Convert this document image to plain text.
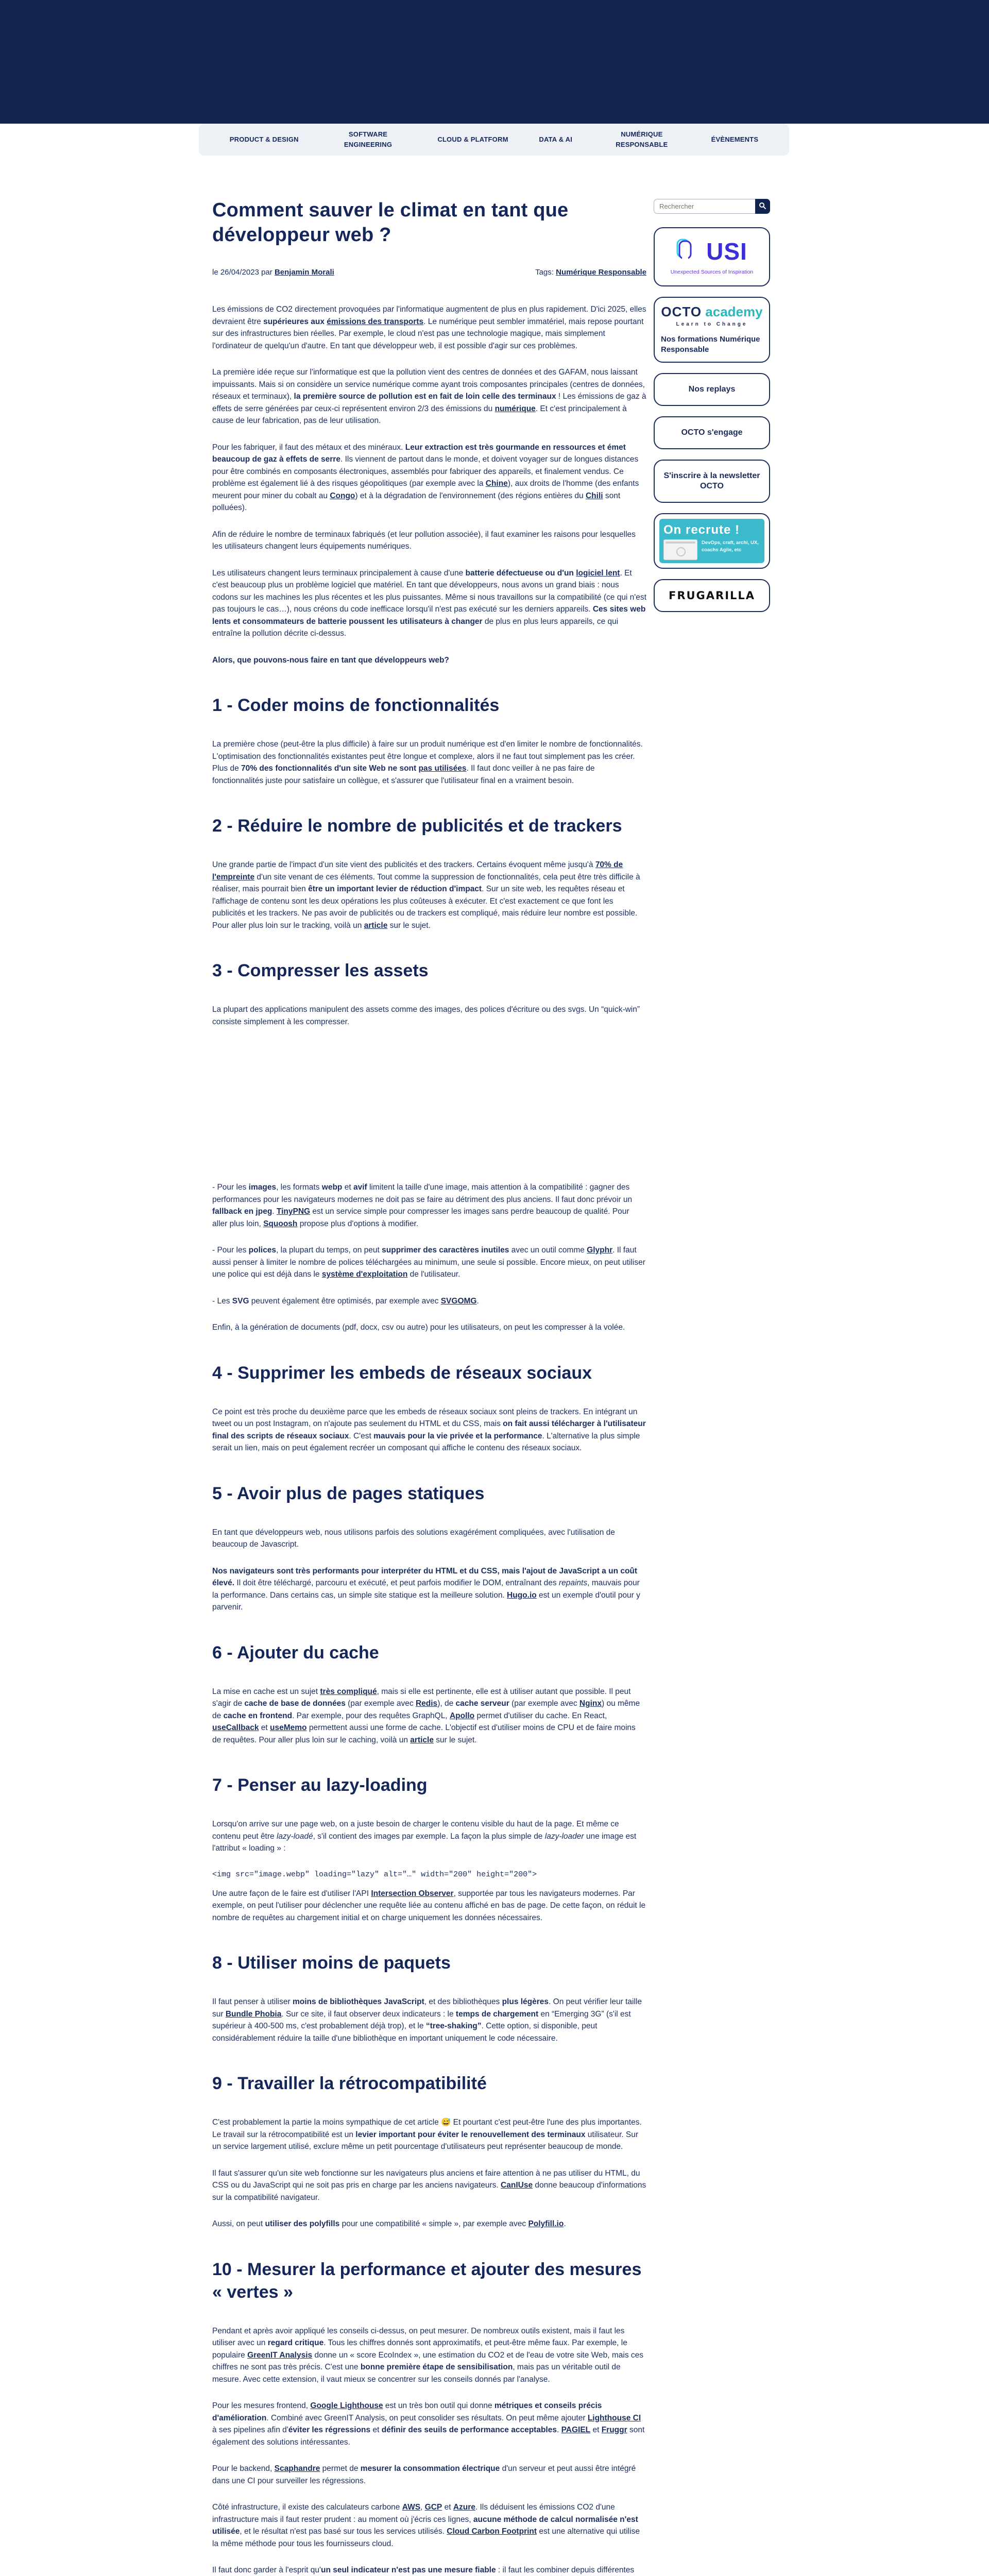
PRODUCT & DESIGN
SOFTWARE ENGINEERING
CLOUD & PLATFORM	DATA & AI
NUMÉRIQUE RESPONSABLE
ÉVÈNEMENTS
Comment sauver le climat en tant que développeur web ?
le 26/04/2023 par Benjamin Morali	Tags: Numérique Responsable

Les émissions de CO2 directement provoquées par l'informatique augmentent de plus en plus rapidement. D'ici 2025, elles devraient être supérieures aux émissions des transports. Le numérique peut sembler immatériel, mais repose pourtant sur des infrastructures bien réelles. Par exemple, le cloud n'est pas une technologie magique, mais simplement l'ordinateur de quelqu'un d'autre. En tant que développeur web, il est possible d'agir sur ces problèmes.

La première idée reçue sur l'informatique est que la pollution vient des centres de données et des GAFAM, nous laissant impuissants. Mais si on considère un service numérique comme ayant trois composantes principales (centres de données, réseaux et terminaux), la première source de pollution est en fait de loin celle des terminaux ! Les émissions de gaz à effets de serre générées par ceux-ci représentent environ 2/3 des émissions du numérique. Et c'est principalement à cause de leur fabrication, pas de leur utilisation.

Pour les fabriquer, il faut des métaux et des minéraux. Leur extraction est très gourmande en ressources et émet beaucoup de gaz à effets de serre. Ils viennent de partout dans le monde, et doivent voyager sur de longues distances pour être combinés en composants électroniques, assemblés pour fabriquer des appareils, et finalement vendus. Ce problème est également lié à des risques géopolitiques (par exemple avec la Chine), aux droits de l'homme (des enfants meurent pour miner du cobalt au Congo) et à la dégradation de l'environnement (des régions entières du Chili sont polluées).

Afin de réduire le nombre de terminaux fabriqués (et leur pollution associée), il faut examiner les raisons pour lesquelles les utilisateurs changent leurs équipements numériques.

Les utilisateurs changent leurs terminaux principalement à cause d'une batterie défectueuse ou d'un logiciel lent. Et c'est beaucoup plus un problème logiciel que matériel. En tant que développeurs, nous avons un grand biais : nous codons sur les machines les plus récentes et les plus puissantes. Même si nous travaillons sur la compatibilité (ce qui n'est pas toujours le cas…), nous créons du code inefficace lorsqu'il n'est pas exécuté sur les derniers appareils. Ces sites web lents et consommateurs de batterie poussent les utilisateurs à changer de plus en plus leurs appareils, ce qui entraîne la pollution décrite ci-dessus.

Alors, que pouvons-nous faire en tant que développeurs web?

1 - Coder moins de fonctionnalités

La première chose (peut-être la plus difficile) à faire sur un produit numérique est d'en limiter le nombre de fonctionnalités. L'optimisation des fonctionnalités existantes peut être longue et complexe, alors il ne faut tout simplement pas les créer. Plus de 70% des fonctionnalités d'un site Web ne sont pas utilisées. Il faut donc veiller à ne pas faire de fonctionnalités juste pour satisfaire un collègue, et s'assurer que l'utilisateur final en a vraiment besoin.

2 - Réduire le nombre de publicités et de trackers

Une grande partie de l'impact d'un site vient des publicités et des trackers. Certains évoquent même jusqu'à 70% de l'empreinte d'un site venant de ces éléments. Tout comme la suppression de fonctionnalités, cela peut être très difficile à réaliser, mais pourrait bien être un important levier de réduction d'impact. Sur un site web, les requêtes réseau et l'affichage de contenu sont les deux opérations les plus coûteuses à exécuter. Et c'est exactement ce que font les publicités et les trackers. Ne pas avoir de publicités ou de trackers est compliqué, mais réduire leur nombre est possible. Pour aller plus loin sur le tracking, voilà un article sur le sujet.

3 - Compresser les assets

La plupart des applications manipulent des assets comme des images, des polices d'écriture ou des svgs. Un “quick-win” consiste simplement à les compresser.

- Pour les images, les formats webp et avif limitent la taille d'une image, mais attention à la compatibilité : gagner des performances pour les navigateurs modernes ne doit pas se faire au détriment des plus anciens. Il faut donc prévoir un fallback en jpeg. TinyPNG est un service simple pour compresser les images sans perdre beaucoup de qualité. Pour aller plus loin, Squoosh propose plus d'options à modifier.

- Pour les polices, la plupart du temps, on peut supprimer des caractères inutiles avec un outil comme Glyphr. Il faut aussi penser à limiter le nombre de polices téléchargées au minimum, une seule si possible. Encore mieux, on peut utiliser une police qui est déjà dans le système d'exploitation de l'utilisateur.

- Les SVG peuvent également être optimisés, par exemple avec SVGOMG.

Enfin, à la génération de documents (pdf, docx, csv ou autre) pour les utilisateurs, on peut les compresser à la volée.

4 - Supprimer les embeds de réseaux sociaux

Ce point est très proche du deuxième parce que les embeds de réseaux sociaux sont pleins de trackers. En intégrant un tweet ou un post Instagram, on n'ajoute pas seulement du HTML et du CSS, mais on fait aussi télécharger à l'utilisateur final des scripts de réseaux sociaux. C'est mauvais pour la vie privée et la performance. L'alternative la plus simple serait un lien, mais on peut également recréer un composant qui affiche le contenu des réseaux sociaux.

5 - Avoir plus de pages statiques

En tant que développeurs web, nous utilisons parfois des solutions exagérément compliquées, avec l'utilisation de beaucoup de Javascript.

Nos navigateurs sont très performants pour interpréter du HTML et du CSS, mais l'ajout de JavaScript a un coût élevé. Il doit être téléchargé, parcouru et exécuté, et peut parfois modifier le DOM, entraînant des repaints, mauvais pour la performance. Dans certains cas, un simple site statique est la meilleure solution. Hugo.io est un exemple d'outil pour y parvenir.

6 - Ajouter du cache

La mise en cache est un sujet très compliqué, mais si elle est pertinente, elle est à utiliser autant que possible. Il peut s'agir de cache de base de données (par exemple avec Redis), de cache serveur (par exemple avec Nginx) ou même de cache en frontend. Par exemple, pour des requêtes GraphQL, Apollo permet d'utiliser du cache. En React, useCallback et useMemo permettent aussi une forme de cache. L'objectif est d'utiliser moins de CPU et de faire moins de requêtes. Pour aller plus loin sur le caching, voilà un article sur le sujet.

7 - Penser au lazy-loading

Lorsqu'on arrive sur une page web, on a juste besoin de charger le contenu visible du haut de la page. Et même ce contenu peut être lazy-loadé, s'il contient des images par exemple. La façon la plus simple de lazy-loader une image est l'attribut « loading » :

<img src="image.webp" loading="lazy" alt="…" width="200" height="200">

Une autre façon de le faire est d'utiliser l'API Intersection Observer, supportée par tous les navigateurs modernes. Par exemple, on peut l'utiliser pour déclencher une requête liée au contenu affiché en bas de page. De cette façon, on réduit le nombre de requêtes au chargement initial et on charge uniquement les données nécessaires.

8 - Utiliser moins de paquets

Il faut penser à utiliser moins de bibliothèques JavaScript, et des bibliothèques plus légères. On peut vérifier leur taille sur Bundle Phobia. Sur ce site, il faut observer deux indicateurs : le temps de chargement en “Emerging 3G” (s'il est supérieur à 400-500 ms, c'est probablement déjà trop), et le “tree-shaking”. Cette option, si disponible, peut considérablement réduire la taille d'une bibliothèque en important uniquement le code nécessaire.

9 - Travailler la rétrocompatibilité

C'est probablement la partie la moins sympathique de cet article 😅 Et pourtant c'est peut-être l'une des plus importantes. Le travail sur la rétrocompatibilité est un levier important pour éviter le renouvellement des terminaux utilisateur. Sur un service largement utilisé, exclure même un petit pourcentage d'utilisateurs peut représenter beaucoup de monde.

Il faut s'assurer qu'un site web fonctionne sur les navigateurs plus anciens et faire attention à ne pas utiliser du HTML, du CSS ou du JavaScript qui ne soit pas pris en charge par les anciens navigateurs. CanIUse donne beaucoup d'informations sur la compatibilité navigateur.

Aussi, on peut utiliser des polyfills pour une compatibilité « simple », par exemple avec Polyfill.io.

10 - Mesurer la performance et ajouter des mesures « vertes »

Pendant et après avoir appliqué les conseils ci-dessus, on peut mesurer. De nombreux outils existent, mais il faut les utiliser avec un regard critique. Tous les chiffres donnés sont approximatifs, et peut-être même faux. Par exemple, le populaire GreenIT Analysis donne un « score EcoIndex », une estimation du CO2 et de l'eau de votre site Web, mais ces chiffres ne sont pas très précis. C'est une bonne première étape de sensibilisation, mais pas un véritable outil de mesure. Avec cette extension, il vaut mieux se concentrer sur les conseils donnés par l'analyse.

Pour les mesures frontend, Google Lighthouse est un très bon outil qui donne métriques et conseils précis d'amélioration. Combiné avec GreenIT Analysis, on peut consolider ses résultats. On peut même ajouter Lighthouse CI à ses pipelines afin d'éviter les régressions et définir des seuils de performance acceptables. PAGIEL et Fruggr sont également des solutions intéressantes.

Pour le backend, Scaphandre permet de mesurer la consommation électrique d'un serveur et peut aussi être intégré dans une CI pour surveiller les régressions.

Côté infrastructure, il existe des calculateurs carbone AWS, GCP et Azure. Ils déduisent les émissions CO2 d'une infrastructure mais il faut rester prudent : au moment où j'écris ces lignes, aucune méthode de calcul normalisée n'est utilisée, et le résultat n'est pas basé sur tous les services utilisés. Cloud Carbon Footprint est une alternative qui utilise la même méthode pour tous les fournisseurs cloud.

Il faut donc garder à l'esprit qu'un seul indicateur n'est pas une mesure fiable : il faut les combiner depuis différentes

Rechercher
USI
Unexpected Sources of Inspiration
OCTO academy
Learn to Change
Nos formations Numérique Responsable
Nos replays
OCTO s'engage
S'inscrire à la newsletter OCTO
On recrute !
DevOps, craft, archi, UX, coachs Agile, etc
FRUGARILLA
